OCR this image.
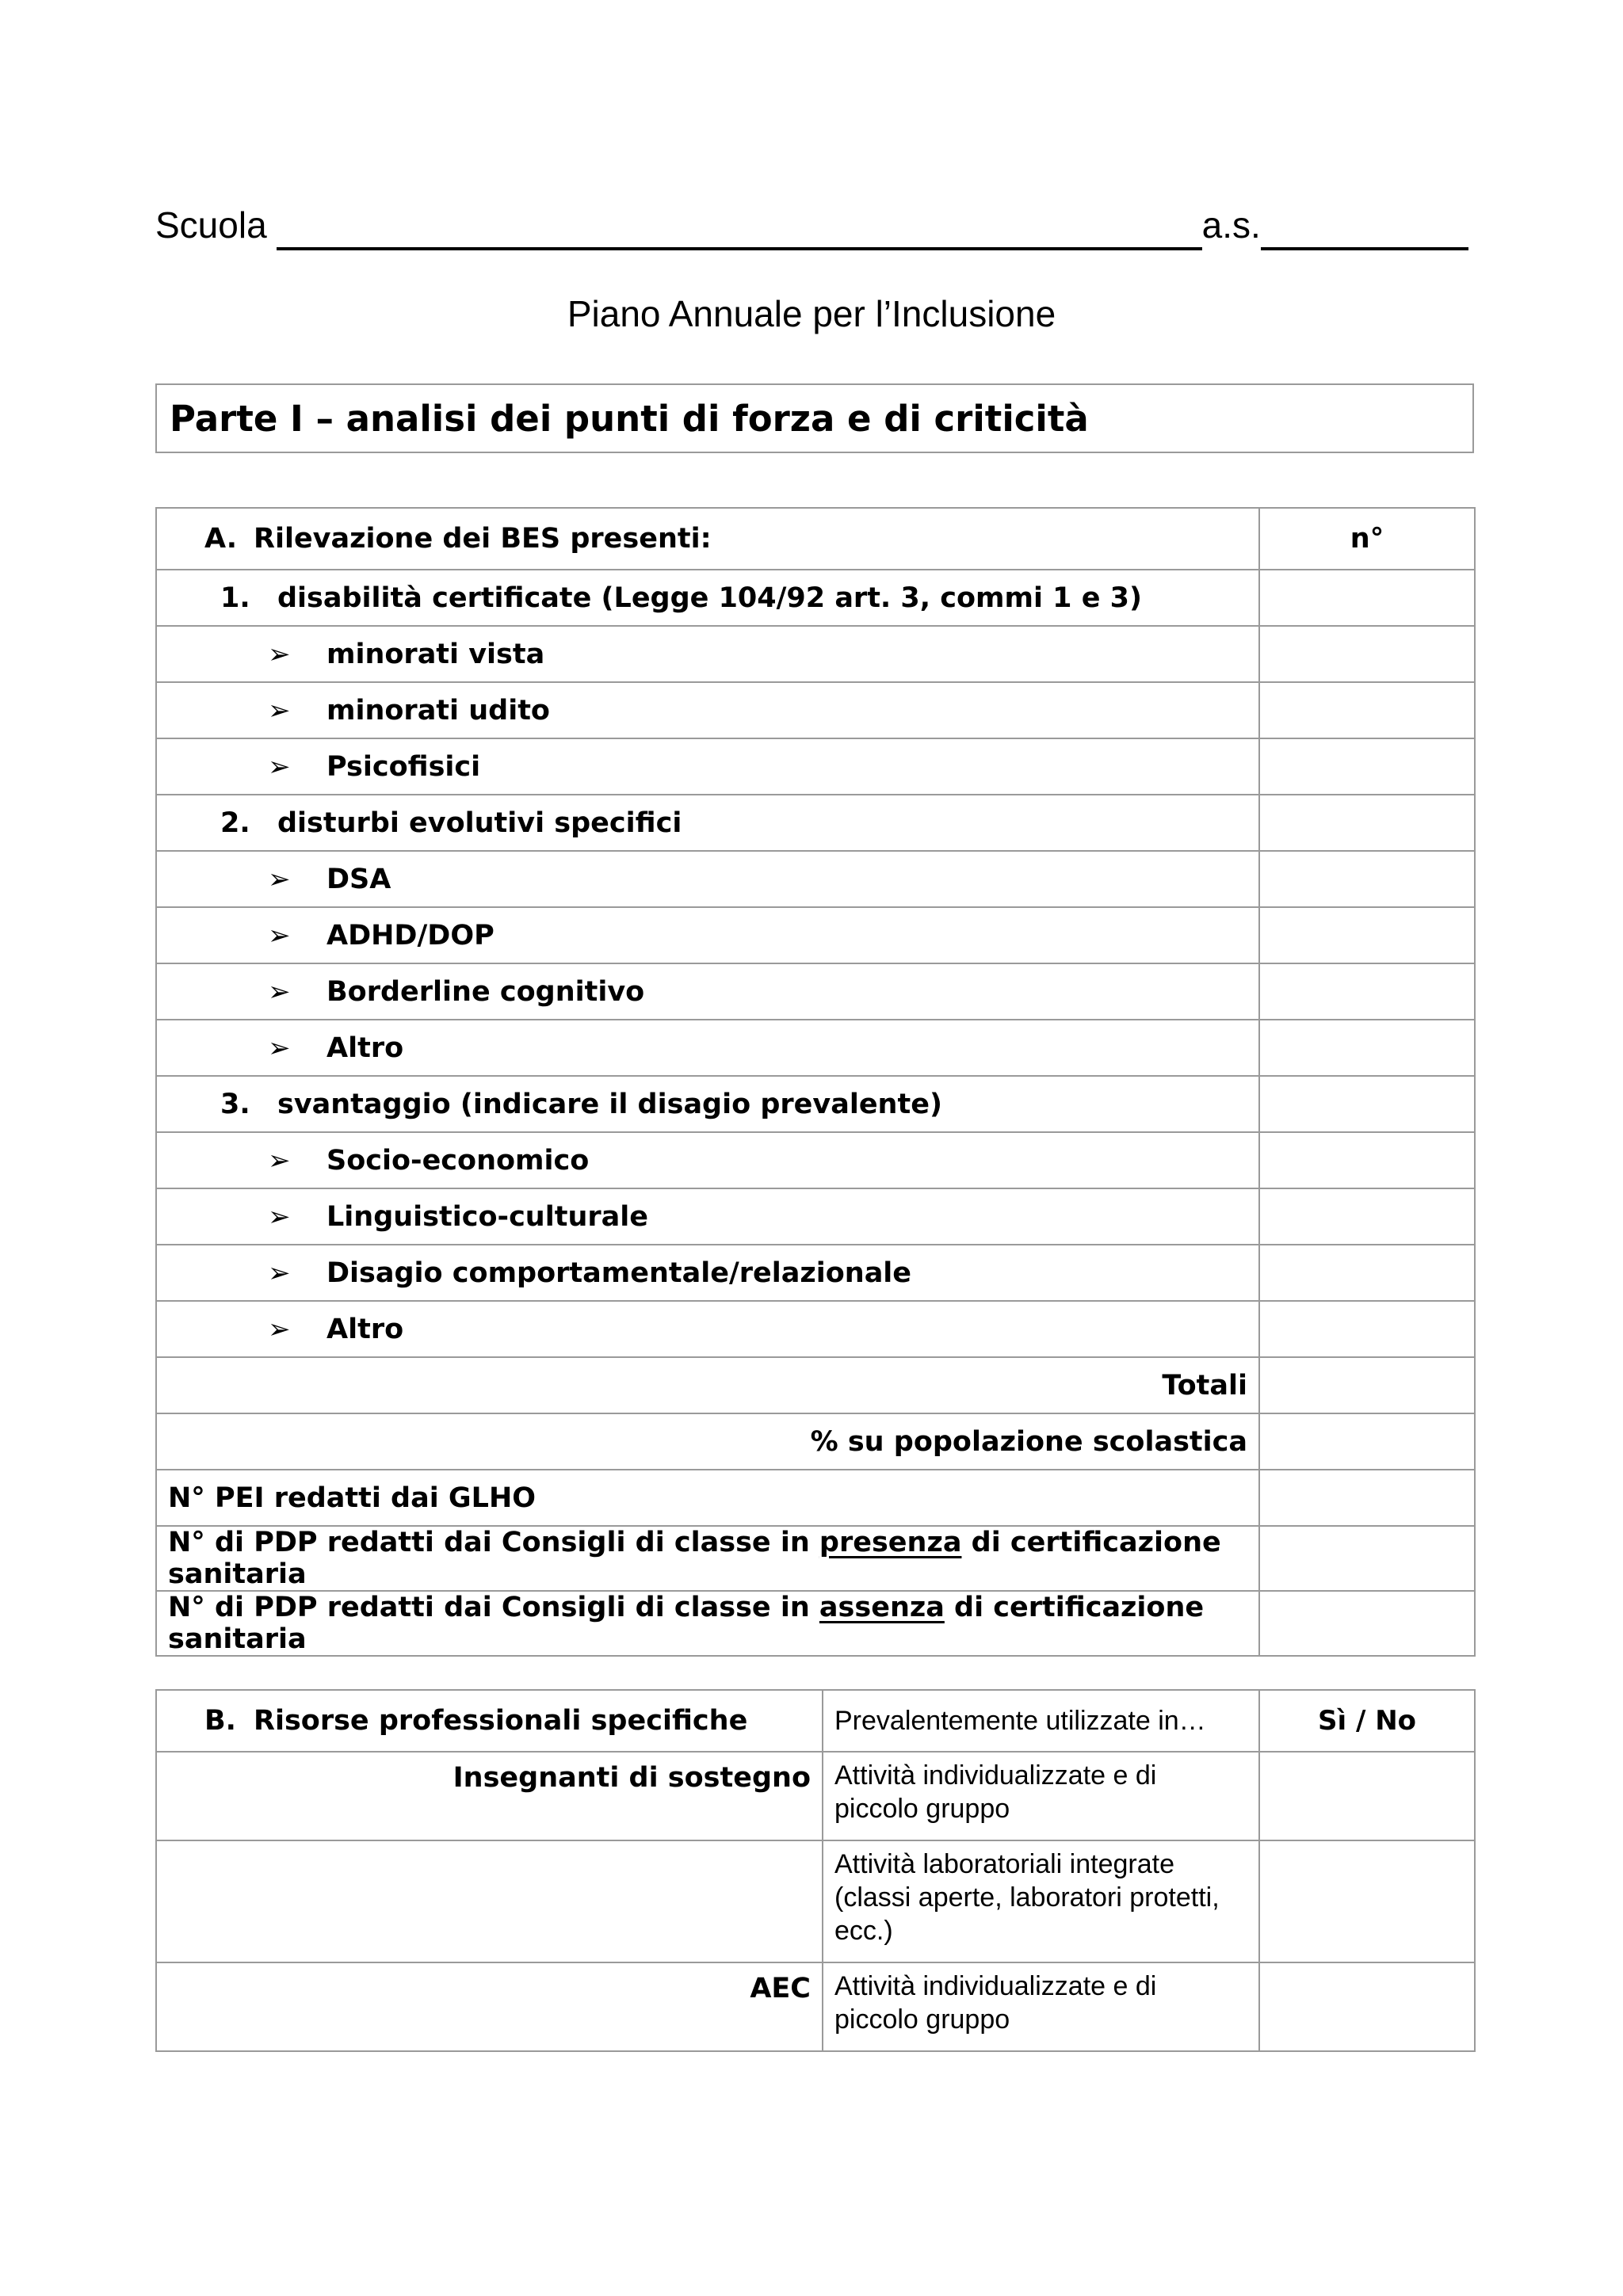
Scuola	a.s.
Piano Annuale per l’Inclusione
Parte I – analisi dei punti di forza e di criticità
A. Rilevazione dei BES presenti:	n°
1. disabilità certificate (Legge 104/92 art. 3, commi 1 e 3)	
➢ minorati vista	
➢ minorati udito	
➢ Psicofisici	
2. disturbi evolutivi specifici	
➢ DSA	
➢ ADHD/DOP	
➢ Borderline cognitivo	
➢ Altro	
3. svantaggio (indicare il disagio prevalente)	
➢ Socio-economico	
➢ Linguistico-culturale	
➢ Disagio comportamentale/relazionale	
➢ Altro	
Totali	
% su popolazione scolastica	
N° PEI redatti dai GLHO	
N° di PDP redatti dai Consigli di classe in presenza di certificazione sanitaria	
N° di PDP redatti dai Consigli di classe in assenza di certificazione sanitaria	
B. Risorse professionali specifiche	Prevalentemente utilizzate in…	Sì / No
Insegnanti di sostegno	Attività individualizzate e di piccolo gruppo	
	Attività laboratoriali integrate (classi aperte, laboratori protetti, ecc.)	
AEC	Attività individualizzate e di piccolo gruppo	
